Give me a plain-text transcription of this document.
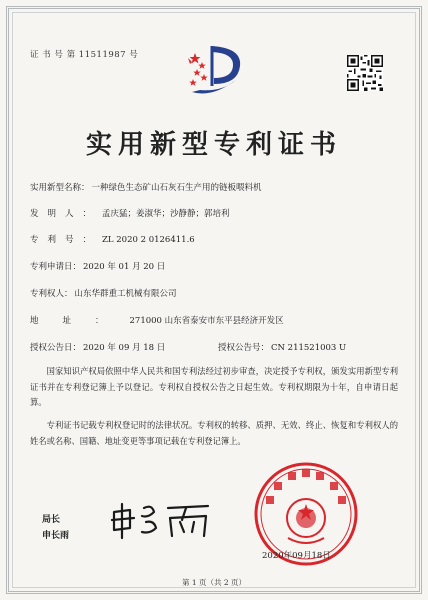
证 书 号 第 11511987 号
实用新型专利证书
实用新型名称： 一种绿色生态矿山石灰石生产用的链板喂料机
发明人： 孟庆猛；姜淑华；沙静静；郭培利
专利号： ZL 2020 2 0126411.6
专利申请日： 2020 年 01 月 20 日
专利权人： 山东华群重工机械有限公司
地址： 271000 山东省泰安市东平县经济开发区
授权公告日： 2020 年 09 月 18 日	授权公告号： CN 211521003 U
国家知识产权局依照中华人民共和国专利法经过初步审查，决定授予专利权，颁发实用新型专利证书并在专利登记簿上予以登记。专利权自授权公告之日起生效。专利权期限为十年，自申请日起算。
专利证书记载专利权登记时的法律状况。专利权的转移、质押、无效、终止、恢复和专利权人的姓名或名称、国籍、地址变更等事项记载在专利登记簿上。
局长
申长雨
2020年09月18日
第 1 页（共 2 页）
